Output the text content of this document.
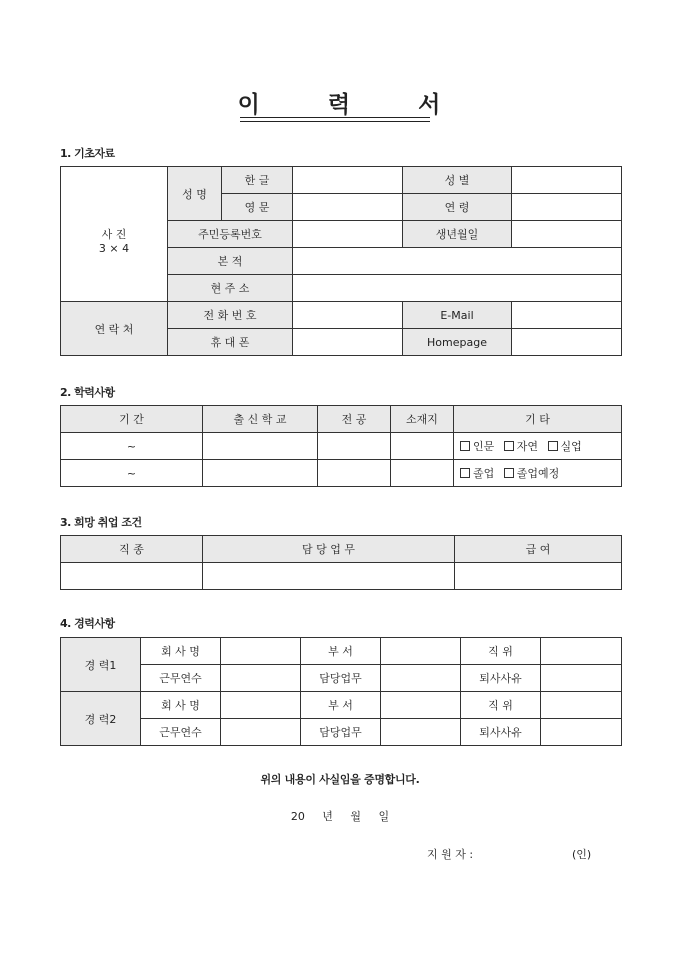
이	력	서
1. 기초자료
사 진
3 × 4	성 명	한 글		성 별	
		영 문		연 령	
	주민등록번호			생년월일	
	본 적				
	현 주 소				
연 락 처	전 화 번 호			E-Mail	
	휴 대 폰			Homepage	
2. 학력사항
기 간	출 신 학 교	전 공	소재지	기 타
~				인문 자연 실업
~				졸업 졸업예정
3. 희망 취업 조건
직 종	담 당 업 무	급 여

4. 경력사항
경 력1	회 사 명		부 서		직 위	
	근무연수		담당업무		퇴사사유	
경 력2	회 사 명		부 서		직 위	
	근무연수		담당업무		퇴사사유	
위의 내용이 사실임을 증명합니다.
20     년     월     일
지 원 자 :	(인)
